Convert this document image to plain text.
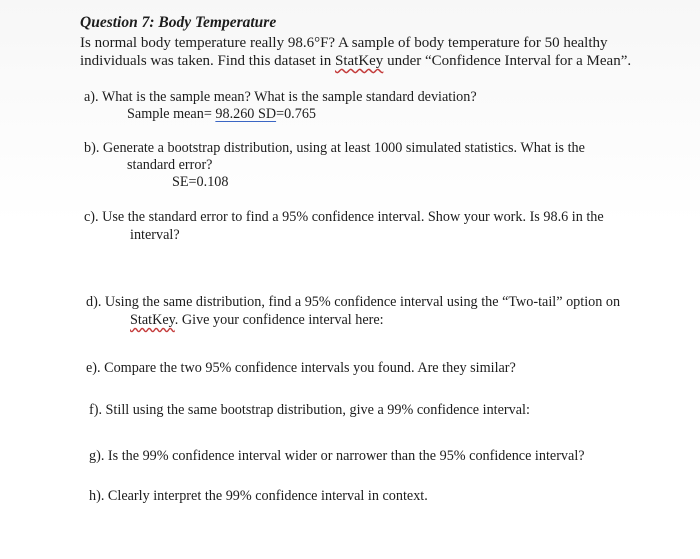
Question 7: Body Temperature
Is normal body temperature really 98.6°F? A sample of body temperature for 50 healthy
individuals was taken. Find this dataset in StatKey under “Confidence Interval for a Mean”.
a). What is the sample mean? What is the sample standard deviation?
Sample mean= 98.260 SD=0.765
b). Generate a bootstrap distribution, using at least 1000 simulated statistics. What is the
standard error?
SE=0.108
c). Use the standard error to find a 95% confidence interval. Show your work. Is 98.6 in the
interval?
d). Using the same distribution, find a 95% confidence interval using the “Two-tail” option on
StatKey. Give your confidence interval here:
e). Compare the two 95% confidence intervals you found. Are they similar?
f). Still using the same bootstrap distribution, give a 99% confidence interval:
g). Is the 99% confidence interval wider or narrower than the 95% confidence interval?
h). Clearly interpret the 99% confidence interval in context.
